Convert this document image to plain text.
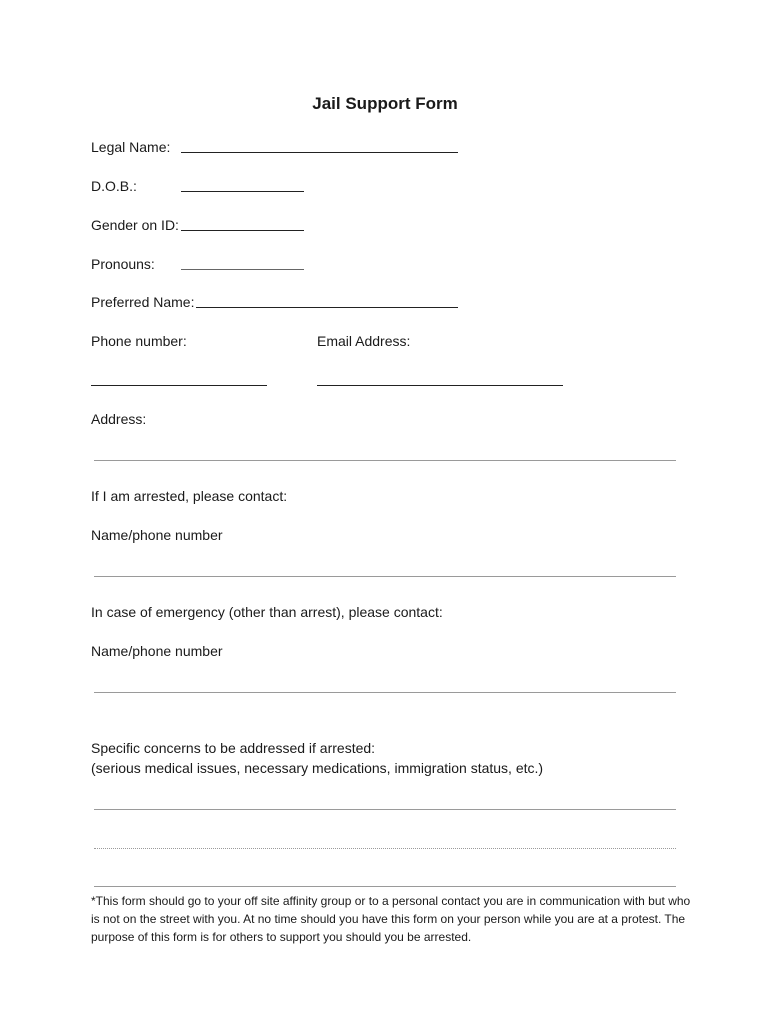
Jail Support Form
Legal Name:
D.O.B.:
Gender on ID:
Pronouns:
Preferred Name:
Phone number:	Email Address:
Address:
If I am arrested, please contact:
Name/phone number
In case of emergency (other than arrest), please contact:
Name/phone number
Specific concerns to be addressed if arrested:
(serious medical issues, necessary medications, immigration status, etc.)

*This form should go to your off site affinity group or to a personal contact you are in communication with but who is not on the street with you. At no time should you have this form on your person while you are at a protest. The purpose of this form is for others to support you should you be arrested.
